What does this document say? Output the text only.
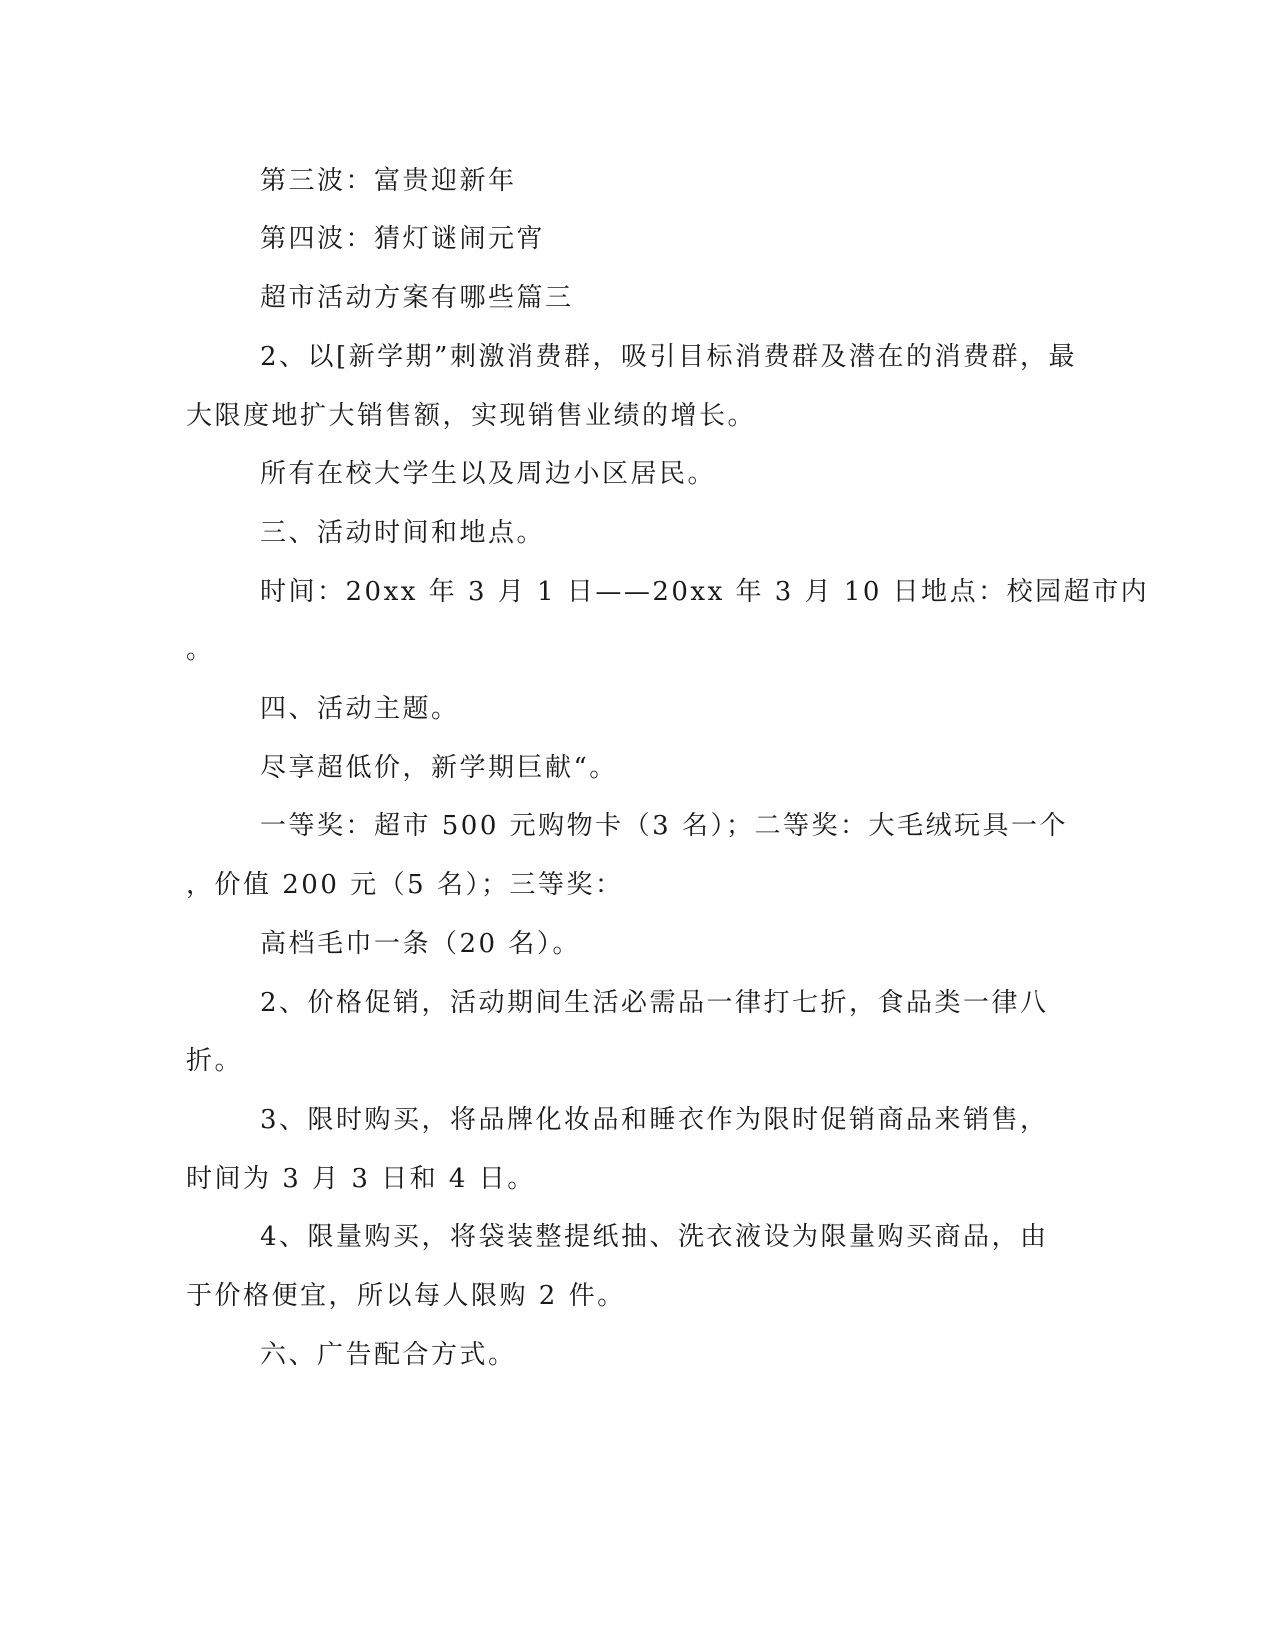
第三波：富贵迎新年

第四波：猜灯谜闹元宵

超市活动方案有哪些篇三

2、以[新学期”刺激消费群，吸引目标消费群及潜在的消费群，最

大限度地扩大销售额，实现销售业绩的增长。

所有在校大学生以及周边小区居民。

三、活动时间和地点。

时间：20xx 年 3 月 1 日——20xx 年 3 月 10 日地点：校园超市内

。

四、活动主题。

尽享超低价，新学期巨献“。

一等奖：超市 500 元购物卡（3 名）；二等奖：大毛绒玩具一个

，价值 200 元（5 名）；三等奖：

高档毛巾一条（20 名）。

2、价格促销，活动期间生活必需品一律打七折，食品类一律八

折。

3、限时购买，将品牌化妆品和睡衣作为限时促销商品来销售，

时间为 3 月 3 日和 4 日。

4、限量购买，将袋装整提纸抽、洗衣液设为限量购买商品，由

于价格便宜，所以每人限购 2 件。

六、广告配合方式。
